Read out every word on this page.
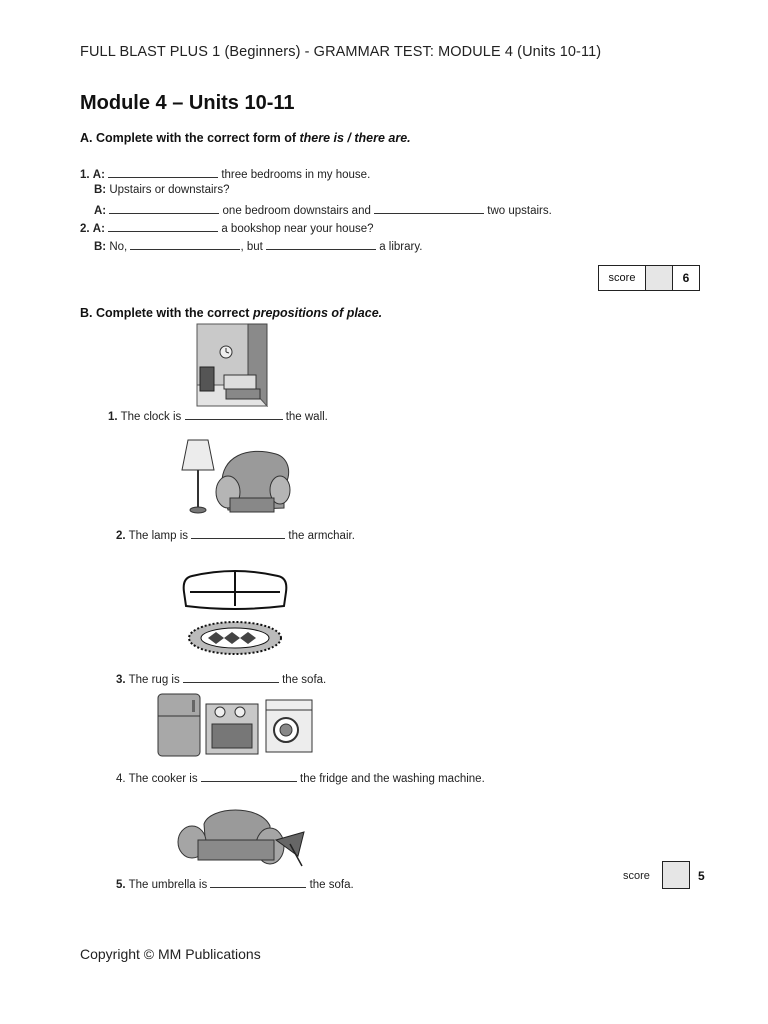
FULL BLAST PLUS 1 (Beginners) - GRAMMAR TEST: MODULE 4 (Units 10-11)
Module 4 – Units 10-11
A. Complete with the correct form of there is / there are.
1. A:	three bedrooms in my house.
B: Upstairs or downstairs?
A:	one bedroom downstairs and	two upstairs.
2. A:	a bookshop near your house?
B: No,	, but	a library.
score	6
B. Complete with the correct prepositions of place.
1. The clock is	the wall.
2. The lamp is	the armchair.
3. The rug is	the sofa.
4. The cooker is	the fridge and the washing machine.
5. The umbrella is	the sofa.
score	5
Copyright © MM Publications
